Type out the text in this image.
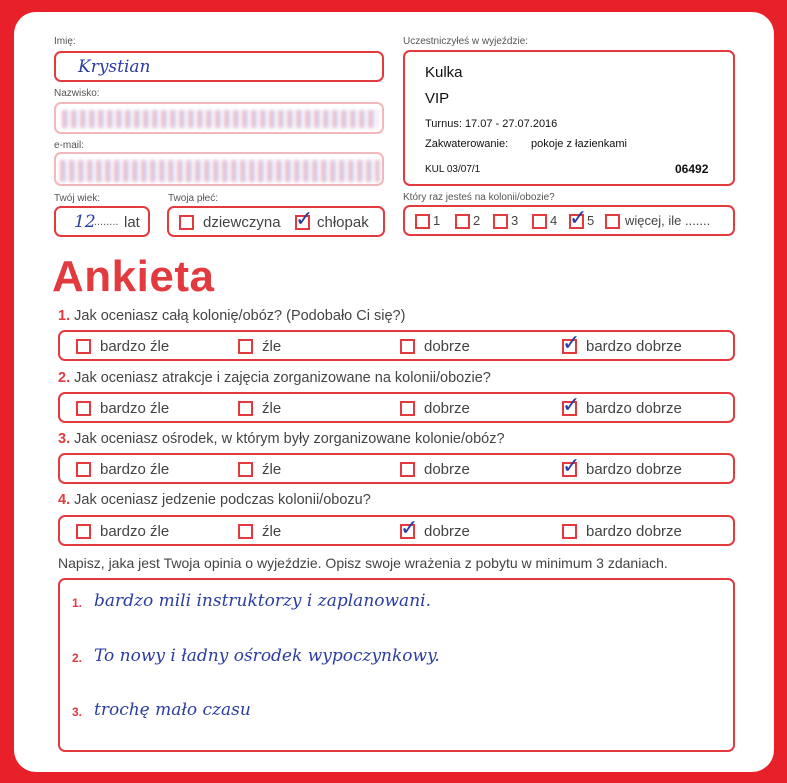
Imię:
Krystian
Nazwisko:
e-mail:
Twój wiek:
12
........ lat
Twoja płeć:
dziewczyna ✓ chłopak
Uczestniczyłeś w wyjeździe:
Kulka
VIP
Turnus: 17.07 - 27.07.2016
Zakwaterowanie: pokoje z łazienkami
KUL 03/07/1	06492
Który raz jesteś na kolonii/obozie?
1	2 3 4 ✓ 5 więcej, ile .......
Ankieta
1. Jak oceniasz całą kolonię/obóz? (Podobało Ci się?)
bardzo źle	źle	dobrze	✓ bardzo dobrze
2. Jak oceniasz atrakcje i zajęcia zorganizowane na kolonii/obozie?
bardzo źle	źle	dobrze	✓ bardzo dobrze
3. Jak oceniasz ośrodek, w którym były zorganizowane kolonie/obóz?
bardzo źle	źle	dobrze	✓ bardzo dobrze
4. Jak oceniasz jedzenie podczas kolonii/obozu?
bardzo źle	źle	✓ dobrze	bardzo dobrze
Napisz, jaka jest Twoja opinia o wyjeździe. Opisz swoje wrażenia z pobytu w minimum 3 zdaniach.
1. bardzo mili instruktorzy i zaplanowani.
2. To nowy i ładny ośrodek wypoczynkowy.
3. trochę mało czasu
